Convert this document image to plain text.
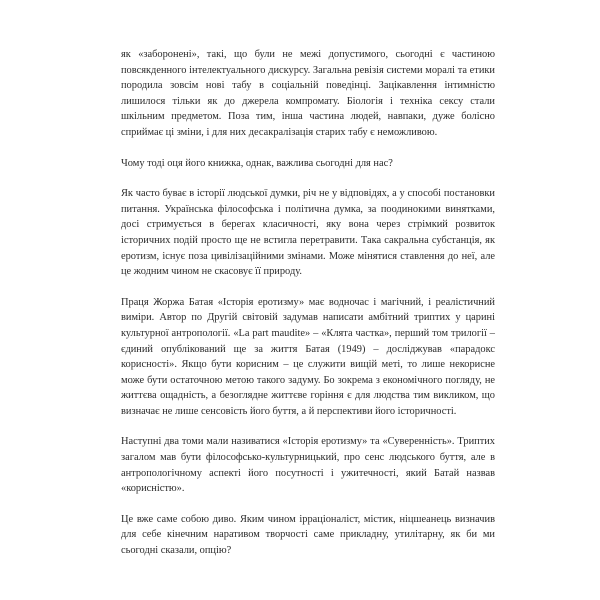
як «заборонені», такі, що були не межі допустимого, сьогодні є частиною повсякденного інтелектуального дискурсу. Загальна ревізія системи моралі та етики породила зовсім нові табу в соціальній поведінці. Зацікавлення інтимністю лишилося тільки як до джерела компромату. Біологія і техніка сексу стали шкільним предметом. Поза тим, інша частина людей, навпаки, дуже болісно сприймає ці зміни, і для них десакралізація старих табу є неможливою.

Чому тоді оця його книжка, однак, важлива сьогодні для нас?

Як часто буває в історії людської думки, річ не у відповідях, а у способі постановки питання. Українська філософська і політична думка, за поодинокими винятками, досі стримується в берегах класичності, яку вона через стрімкий розвиток історичних подій просто ще не встигла перетравити. Така сакральна субстанція, як еротизм, існує поза цивілізаційними змінами. Може мінятися ставлення до неї, але це жодним чином не скасовує її природу.

Праця Жоржа Батая «Історія еротизму» має водночас і магічний, і реалістичний виміри. Автор по Другій світовій задумав написати амбітний триптих у царині культурної антропології. «La part maudite» – «Клята частка», перший том трилогії – єдиний опублікований ще за життя Батая (1949) – досліджував «парадокс корисності». Якщо бути корисним – це служити вищій меті, то лише некорисне може бути остаточною метою такого задуму. Бо зокрема з економічного погляду, не життєва ощадність, а безоглядне життєве горіння є для людства тим викликом, що визначає не лише сенсовість його буття, а й перспективи його історичності.

Наступні два томи мали називатися «Історія еротизму» та «Суверенність». Триптих загалом мав бути філософсько-культурницький, про сенс людського буття, але в антропологічному аспекті його посутності і ужитечності, який Батай назвав «корисністю».

Це вже саме собою диво. Яким чином ірраціоналіст, містик, ніцшеанець визначив для себе кінечним наративом творчості саме прикладну, утилітарну, як би ми сьогодні сказали, опцію?
